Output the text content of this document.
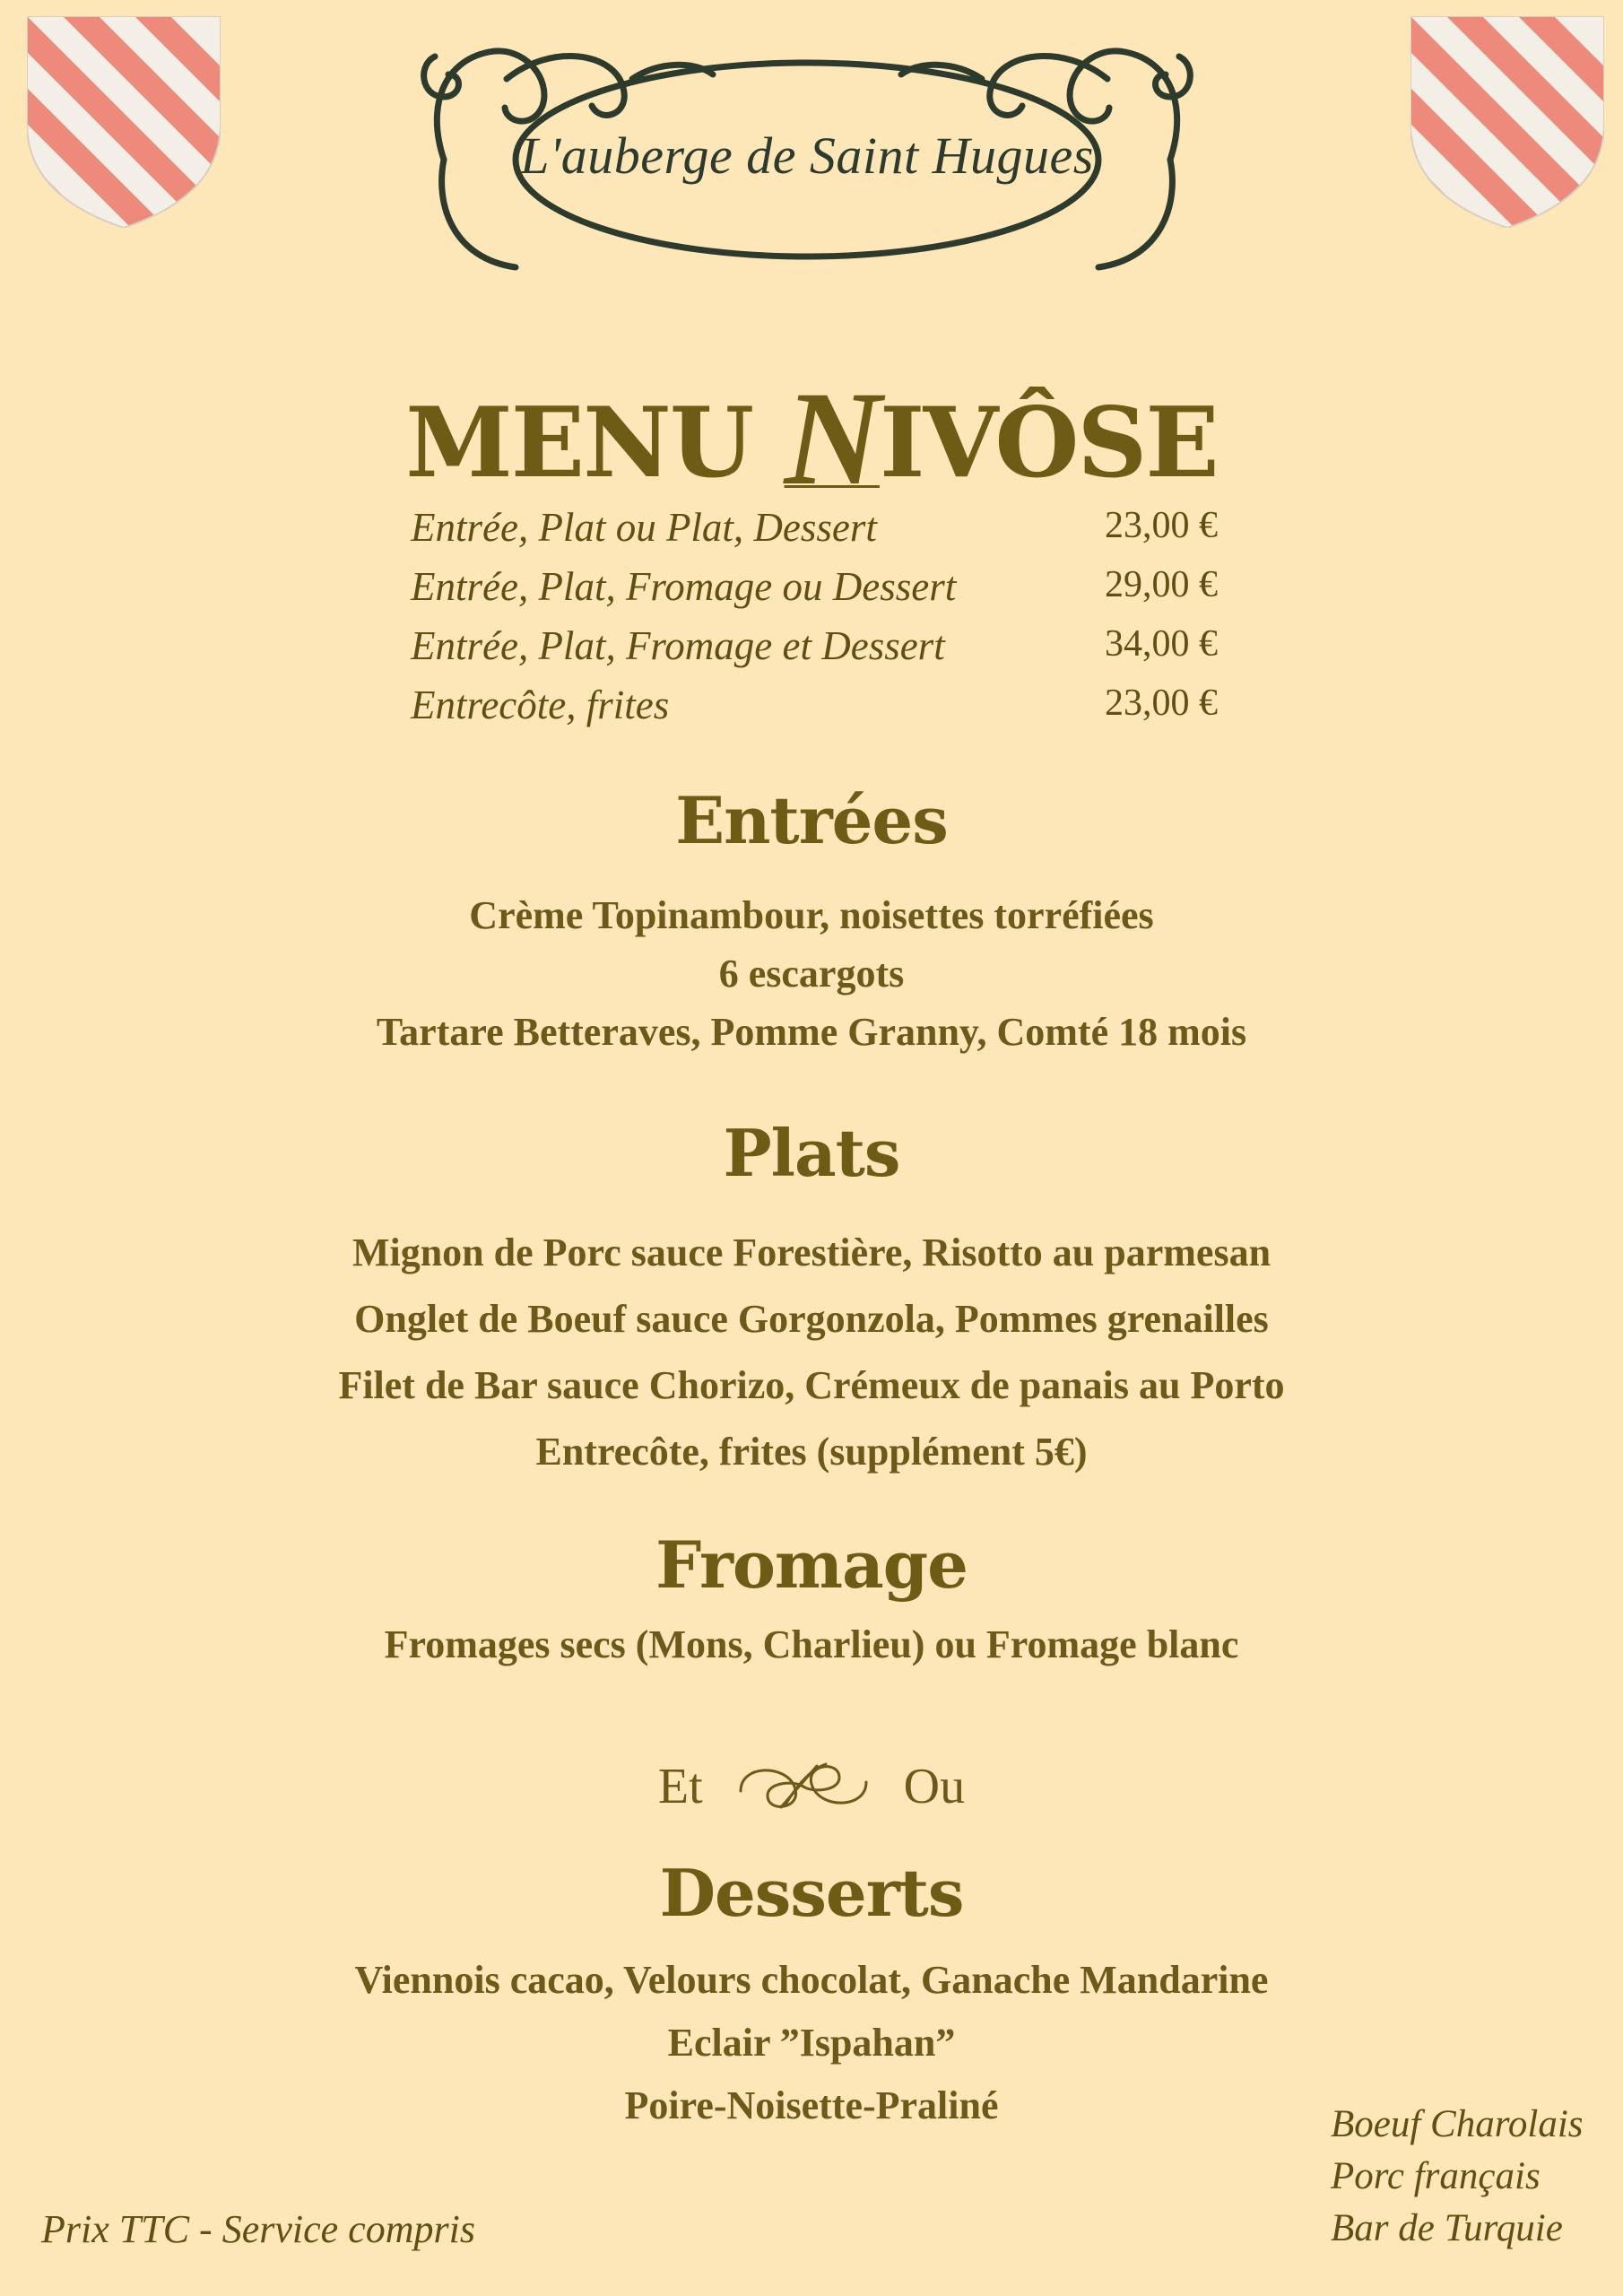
L'auberge de Saint Hugues
MENU NIVÔSE
Entrée, Plat ou Plat, Dessert	23,00 €
Entrée, Plat, Fromage ou Dessert	29,00 €
Entrée, Plat, Fromage et Dessert	34,00 €
Entrecôte, frites	23,00 €
Entrées
Crème Topinambour, noisettes torréfiées
6 escargots
Tartare Betteraves, Pomme Granny, Comté 18 mois
Plats
Mignon de Porc sauce Forestière, Risotto au parmesan
Onglet de Boeuf sauce Gorgonzola, Pommes grenailles
Filet de Bar sauce Chorizo, Crémeux de panais au Porto
Entrecôte, frites (supplément 5€)
Fromage
Fromages secs (Mons, Charlieu) ou Fromage blanc
Et	Ou
Desserts
Viennois cacao, Velours chocolat, Ganache Mandarine
Eclair ˮIspahanˮ
Poire-Noisette-Praliné
Prix TTC - Service compris
Boeuf Charolais
Porc français
Bar de Turquie
